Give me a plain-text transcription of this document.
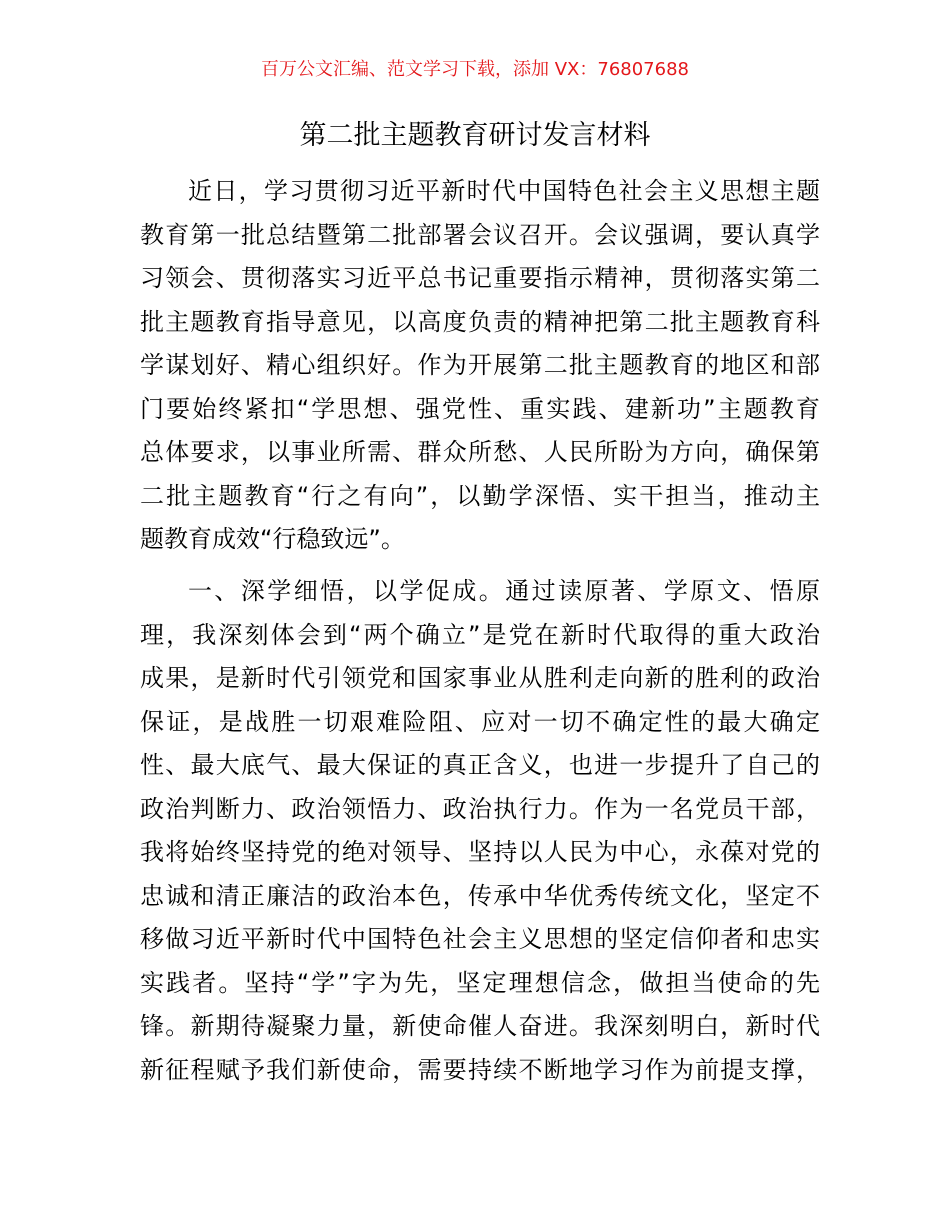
百万公文汇编、范文学习下载，添加 VX：76807688
第二批主题教育研讨发言材料
近日，学习贯彻习近平新时代中国特色社会主义思想主题
教育第一批总结暨第二批部署会议召开。会议强调，要认真学
习领会、贯彻落实习近平总书记重要指示精神，贯彻落实第二
批主题教育指导意见，以高度负责的精神把第二批主题教育科
学谋划好、精心组织好。作为开展第二批主题教育的地区和部
门要始终紧扣“学思想、强党性、重实践、建新功”主题教育
总体要求，以事业所需、群众所愁、人民所盼为方向，确保第
二批主题教育“行之有向”，以勤学深悟、实干担当，推动主
题教育成效“行稳致远”。
一、深学细悟，以学促成。通过读原著、学原文、悟原
理，我深刻体会到“两个确立”是党在新时代取得的重大政治
成果，是新时代引领党和国家事业从胜利走向新的胜利的政治
保证，是战胜一切艰难险阻、应对一切不确定性的最大确定
性、最大底气、最大保证的真正含义，也进一步提升了自己的
政治判断力、政治领悟力、政治执行力。作为一名党员干部，
我将始终坚持党的绝对领导、坚持以人民为中心，永葆对党的
忠诚和清正廉洁的政治本色，传承中华优秀传统文化，坚定不
移做习近平新时代中国特色社会主义思想的坚定信仰者和忠实
实践者。坚持“学”字为先，坚定理想信念，做担当使命的先
锋。新期待凝聚力量，新使命催人奋进。我深刻明白，新时代
新征程赋予我们新使命，需要持续不断地学习作为前提支撑，
